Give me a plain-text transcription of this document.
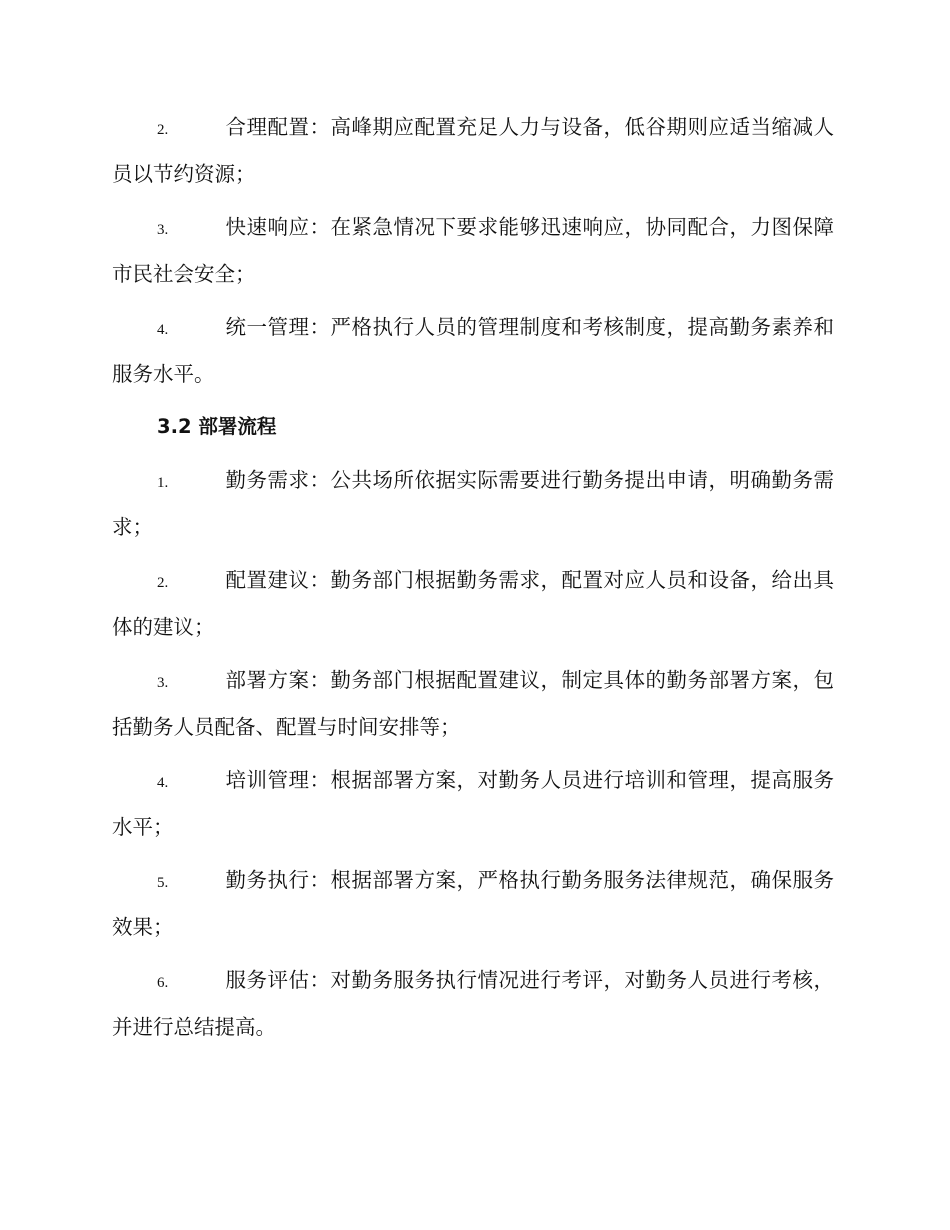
2.	合理配置：高峰期应配置充足人力与设备，低谷期则应适当缩减人员以节约资源；
3.	快速响应：在紧急情况下要求能够迅速响应，协同配合，力图保障市民社会安全；
4.	统一管理：严格执行人员的管理制度和考核制度，提高勤务素养和服务水平。
3.2 部署流程
1.	勤务需求：公共场所依据实际需要进行勤务提出申请，明确勤务需求；
2.	配置建议：勤务部门根据勤务需求，配置对应人员和设备，给出具体的建议；
3.	部署方案：勤务部门根据配置建议，制定具体的勤务部署方案，包括勤务人员配备、配置与时间安排等；
4.	培训管理：根据部署方案，对勤务人员进行培训和管理，提高服务水平；
5.	勤务执行：根据部署方案，严格执行勤务服务法律规范，确保服务效果；
6.	服务评估：对勤务服务执行情况进行考评，对勤务人员进行考核，并进行总结提高。
